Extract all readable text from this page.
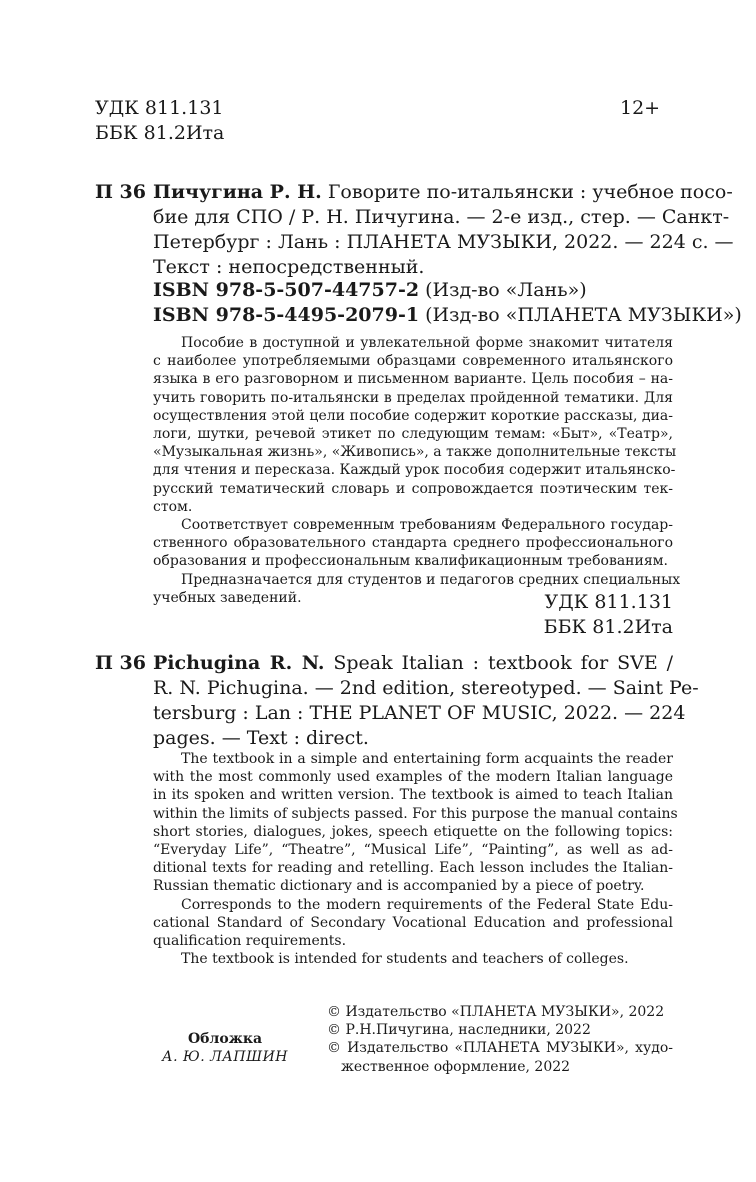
УДК 811.131
ББК 81.2Ита
12+
П 36 Пичугина Р. Н. Говорите по-итальянски : учебное посо-
бие для СПО / Р. Н. Пичугина. — 2-е изд., стер. — Санкт-
Петербург : Лань : ПЛАНЕТА МУЗЫКИ, 2022. — 224 с. —
Текст : непосредственный.
ISBN 978-5-507-44757-2 (Изд-во «Лань»)
ISBN 978-5-4495-2079-1 (Изд-во «ПЛАНЕТА МУЗЫКИ»)
Пособие в доступной и увлекательной форме знакомит читателя
с наиболее употребляемыми образцами современного итальянского
языка в его разговорном и письменном варианте. Цель пособия – на-
учить говорить по-итальянски в пределах пройденной тематики. Для
осуществления этой цели пособие содержит короткие рассказы, диа-
логи, шутки, речевой этикет по следующим темам: «Быт», «Театр»,
«Музыкальная жизнь», «Живопись», а также дополнительные тексты
для чтения и пересказа. Каждый урок пособия содержит итальянско-
русский тематический словарь и сопровождается поэтическим тек-
стом.
Соответствует современным требованиям Федерального государ-
ственного образовательного стандарта среднего профессионального
образования и профессиональным квалификационным требованиям.
Предназначается для студентов и педагогов средних специальных
учебных заведений.	УДК 811.131
ББК 81.2Ита
П 36 Pichugina R. N. Speak Italian : textbook for SVE /
R. N. Pichugina. — 2nd edition, stereotyped. — Saint Pe-
tersburg : Lan : THE PLANET OF MUSIC, 2022. — 224
pages. — Text : direct.
The textbook in a simple and entertaining form acquaints the reader
with the most commonly used examples of the modern Italian language
in its spoken and written version. The textbook is aimed to teach Italian
within the limits of subjects passed. For this purpose the manual contains
short stories, dialogues, jokes, speech etiquette on the following topics:
“Everyday Life”, “Theatre”, “Musical Life”, “Painting”, as well as ad-
ditional texts for reading and retelling. Each lesson includes the Italian-
Russian thematic dictionary and is accompanied by a piece of poetry.
Corresponds to the modern requirements of the Federal State Edu-
cational Standard of Secondary Vocational Education and professional
qualification requirements.
The textbook is intended for students and teachers of colleges.
Обложка
А. Ю. ЛАПШИН
© Издательство «ПЛАНЕТА МУЗЫКИ», 2022
© Р.Н.Пичугина, наследники, 2022
© Издательство «ПЛАНЕТА МУЗЫКИ», худо-
жественное оформление, 2022
